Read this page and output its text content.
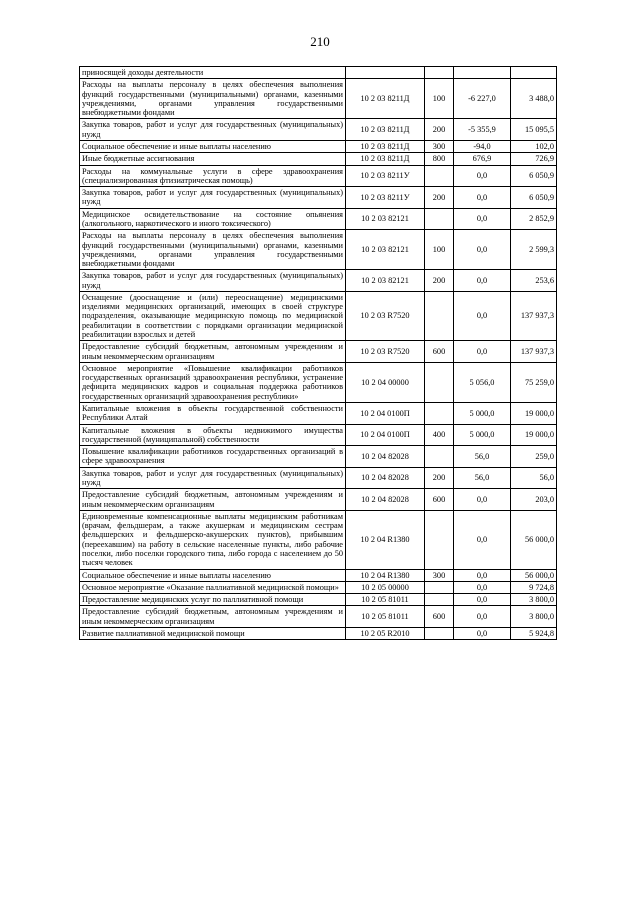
210
приносящей доходы деятельности				
Расходы на выплаты персоналу в целях обеспечения выполнения функций государственными (муниципальными) органами, казенными учреждениями, органами управления государственными внебюджетными фондами	10 2 03 8211Д	100	-6 227,0	3 488,0
Закупка товаров, работ и услуг для государственных (муниципальных) нужд	10 2 03 8211Д	200	-5 355,9	15 095,5
Социальное обеспечение и иные выплаты населению	10 2 03 8211Д	300	-94,0	102,0
Иные бюджетные ассигнования	10 2 03 8211Д	800	676,9	726,9
Расходы на коммунальные услуги в сфере здравоохранения (специализированная фтизиатрическая помощь)	10 2 03 8211У		0,0	6 050,9
Закупка товаров, работ и услуг для государственных (муниципальных) нужд	10 2 03 8211У	200	0,0	6 050,9
Медицинское освидетельствование на состояние опьянения (алкогольного, наркотического и иного токсического)	10 2 03 82121		0,0	2 852,9
Расходы на выплаты персоналу в целях обеспечения выполнения функций государственными (муниципальными) органами, казенными учреждениями, органами управления государственными внебюджетными фондами	10 2 03 82121	100	0,0	2 599,3
Закупка товаров, работ и услуг для государственных (муниципальных) нужд	10 2 03 82121	200	0,0	253,6
Оснащение (дооснащение и (или) переоснащение) медицинскими изделиями медицинских организаций, имеющих в своей структуре подразделения, оказывающие медицинскую помощь по медицинской реабилитации в соответствии с порядками организации медицинской реабилитации взрослых и детей	10 2 03 R7520		0,0	137 937,3
Предоставление субсидий бюджетным, автономным учреждениям и иным некоммерческим организациям	10 2 03 R7520	600	0,0	137 937,3
Основное мероприятие «Повышение квалификации работников государственных организаций здравоохранения республики, устранение дефицита медицинских кадров и социальная поддержка работников государственных организаций здравоохранения республики»	10 2 04 00000		5 056,0	75 259,0
Капитальные вложения в объекты государственной собственности Республики Алтай	10 2 04 0100П		5 000,0	19 000,0
Капитальные вложения в объекты недвижимого имущества государственной (муниципальной) собственности	10 2 04 0100П	400	5 000,0	19 000,0
Повышение квалификации работников государственных организаций в сфере здравоохранения	10 2 04 82028		56,0	259,0
Закупка товаров, работ и услуг для государственных (муниципальных) нужд	10 2 04 82028	200	56,0	56,0
Предоставление субсидий бюджетным, автономным учреждениям и иным некоммерческим организациям	10 2 04 82028	600	0,0	203,0
Единовременные компенсационные выплаты медицинским работникам (врачам, фельдшерам, а также акушеркам и медицинским сестрам фельдшерских и фельдшерско-акушерских пунктов), прибывшим (переехавшим) на работу в сельские населенные пункты, либо рабочие поселки, либо поселки городского типа, либо города с населением до 50 тысяч человек	10 2 04 R1380		0,0	56 000,0
Социальное обеспечение и иные выплаты населению	10 2 04 R1380	300	0,0	56 000,0
Основное мероприятие «Оказание паллиативной медицинской помощи»	10 2 05 00000		0,0	9 724,8
Предоставление медицинских услуг по паллиативной помощи	10 2 05 81011		0,0	3 800,0
Предоставление субсидий бюджетным, автономным учреждениям и иным некоммерческим организациям	10 2 05 81011	600	0,0	3 800,0
Развитие паллиативной медицинской помощи	10 2 05 R2010		0,0	5 924,8
